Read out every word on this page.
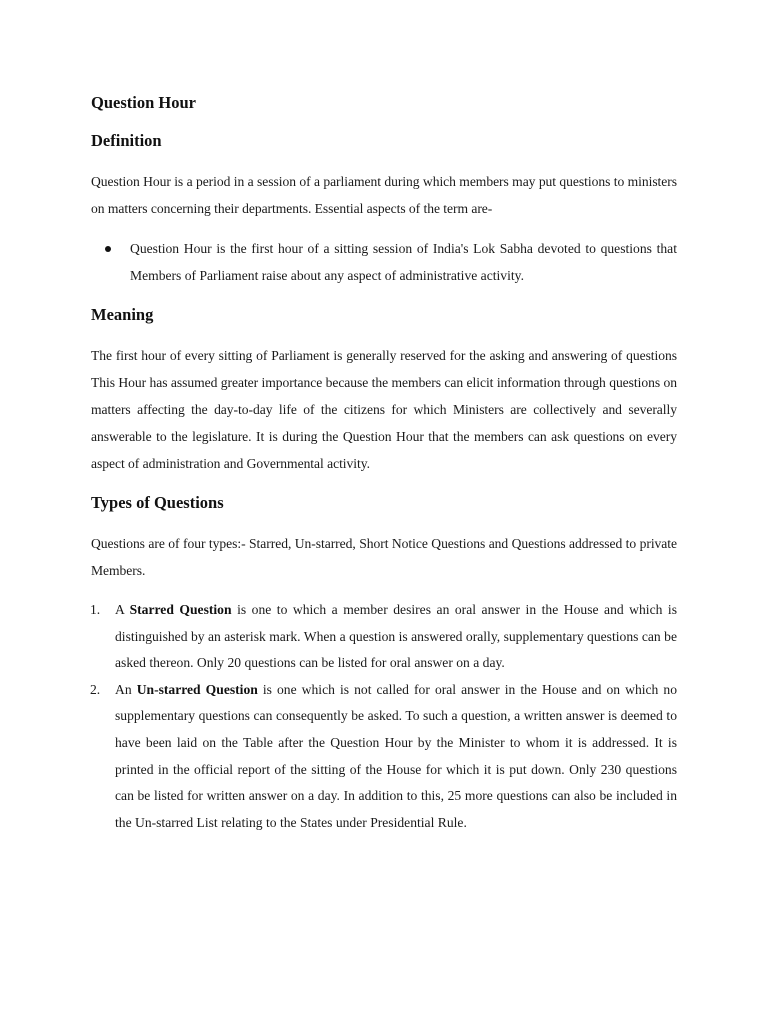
Question Hour
Definition

Question Hour is a period in a session of a parliament during which members may put questions to ministers on matters concerning their departments. Essential aspects of the term are-

Question Hour is the first hour of a sitting session of India's Lok Sabha devoted to questions that Members of Parliament raise about any aspect of administrative activity.
Meaning

The first hour of every sitting of Parliament is generally reserved for the asking and answering of questions This Hour has assumed greater importance because the members can elicit information through questions on matters affecting the day-to-day life of the citizens for which Ministers are collectively and severally answerable to the legislature. It is during the Question Hour that the members can ask questions on every aspect of administration and Governmental activity.

Types of Questions

Questions are of four types:- Starred, Un-starred, Short Notice Questions and Questions addressed to private Members.

1. A Starred Question is one to which a member desires an oral answer in the House and which is distinguished by an asterisk mark. When a question is answered orally, supplementary questions can be asked thereon. Only 20 questions can be listed for oral answer on a day.
2. An Un-starred Question is one which is not called for oral answer in the House and on which no supplementary questions can consequently be asked. To such a question, a written answer is deemed to have been laid on the Table after the Question Hour by the Minister to whom it is addressed. It is printed in the official report of the sitting of the House for which it is put down. Only 230 questions can be listed for written answer on a day. In addition to this, 25 more questions can also be included in the Un-starred List relating to the States under Presidential Rule.
